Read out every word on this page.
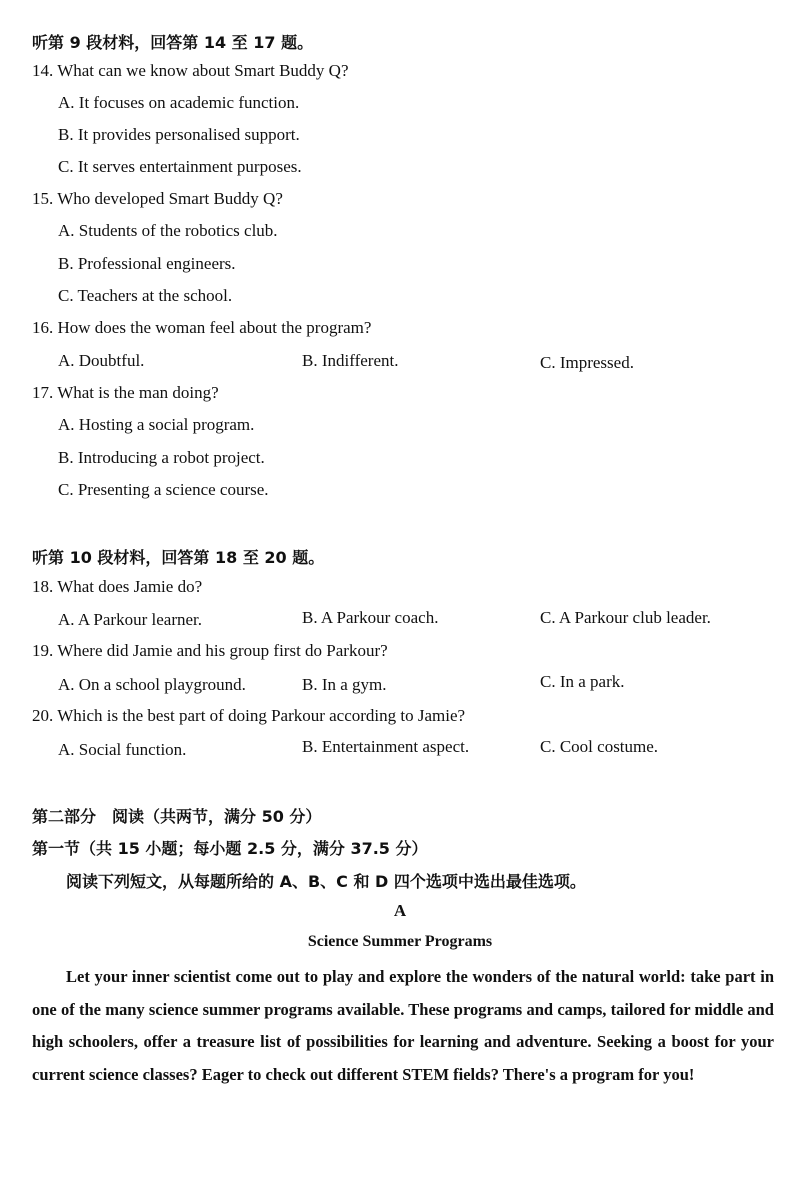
听第 9 段材料，回答第 14 至 17 题。
14. What can we know about Smart Buddy Q?
A. It focuses on academic function.
B. It provides personalised support.
C. It serves entertainment purposes.
15. Who developed Smart Buddy Q?
A. Students of the robotics club.
B. Professional engineers.
C. Teachers at the school.
16. How does the woman feel about the program?
A. Doubtful.	B. Indifferent.	C. Impressed.
17. What is the man doing?
A. Hosting a social program.
B. Introducing a robot project.
C. Presenting a science course.
听第 10 段材料，回答第 18 至 20 题。
18. What does Jamie do?
A. A Parkour learner.	B. A Parkour coach.	C. A Parkour club leader.
19. Where did Jamie and his group first do Parkour?
A. On a school playground.	B. In a gym.	C. In a park.
20. Which is the best part of doing Parkour according to Jamie?
A. Social function.	B. Entertainment aspect.	C. Cool costume.
第二部分　阅读（共两节，满分 50 分）
第一节（共 15 小题；每小题 2.5 分，满分 37.5 分）
阅读下列短文，从每题所给的 A、B、C 和 D 四个选项中选出最佳选项。
A
Science Summer Programs
Let your inner scientist come out to play and explore the wonders of the natural world: take part in one of the many science summer programs available. These programs and camps, tailored for middle and high schoolers, offer a treasure list of possibilities for learning and adventure. Seeking a boost for your current science classes? Eager to check out different STEM fields? There's a program for you!
